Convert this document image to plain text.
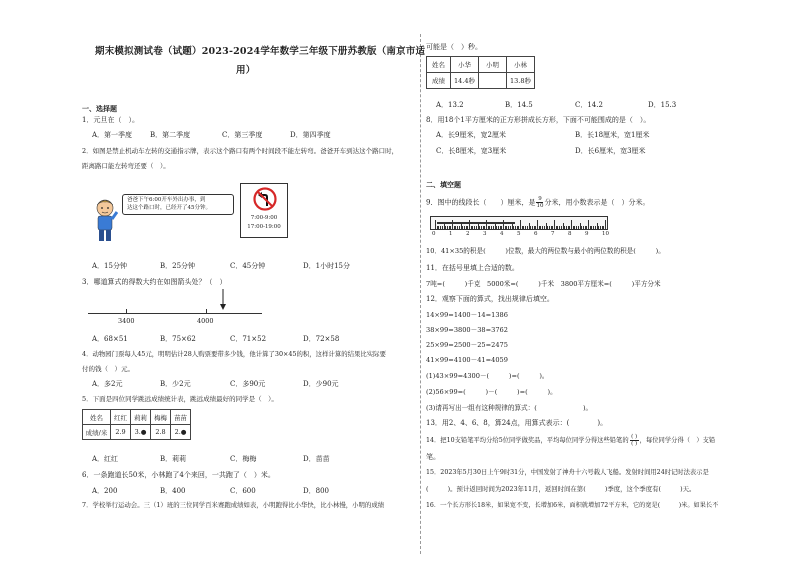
期末模拟测试卷（试题）2023-2024学年数学三年级下册苏教版（南京市适
用）
一、选择题
1．元旦在（　）。
A．第一季度	B．第二季度	C．第三季度	D．第四季度
2．如图是禁止机动车左转的交通指示牌，表示这个路口有两个时间段不能左转弯。爸爸开车到达这个路口时，
距离路口能左转弯还要（　）。
爸爸下午6:00开车外出办事，到
达这个路口时，已经开了45分钟。
7:00-9:00
17:00-19:00
A．15分钟	B．25分钟	C．45分钟	D．1小时15分
3．哪道算式的得数大约在如图箭头处？（　）
3400	4000
A．68×51	B．75×62	C．71×52	D．72×58
4．动物园门票每人45元，明明估计28人购票要带多少钱，他计算了30×45的积，这样计算的结果比实际要
付的钱（　）元。
A．多2元	B．少2元	C．多90元	D．少90元
5．下面是四位同学跳远成绩统计表，跳远成绩最好的同学是（　）。
姓名	红红	莉莉	梅梅	苗苗
成绩/米	2.9	3.●	2.8	2.●
A．红红	B．莉莉	C．梅梅	D．苗苗
6．一条跑道长50米，小林跑了4个来回，一共跑了（　）米。
A．200	B．400	C．600	D．800
7．学校举行运动会。三（1）班的三位同学百米赛跑成绩如表，小明跑得比小华快，比小林慢，小明的成绩
可能是（　）秒。
姓名	小华	小明	小林
成绩	14.4秒		13.8秒
A．13.2	B．14.5	C．14.2	D．15.3
8．用18个1平方厘米的正方形拼成长方形，下面不可能围成的是（　）。
A．长9厘米，宽2厘米	B．长18厘米，宽1厘米
C．长8厘米，宽3厘米	D．长6厘米，宽3厘米
二、填空题
9．图中的线段长（　　）厘米，是 $\frac{9}{10}$ 分米，用小数表示是（　）分米。
0 1 2 3 4 5 6 7 8 9 10
10．41×35的积是(　　　)位数，最大的两位数与最小的两位数的积是(　　　)。
11．在括号里填上合适的数。
7吨=(　　　)千克　5000米=(　　　)千米　3800平方厘米=(　　　)平方分米
12．观察下面的算式，找出规律后填空。
14×99=1400－14=1386
38×99=3800－38=3762
25×99=2500－25=2475
41×99=4100－41=4059
(1)43×99=4300－(　　　)=(　　　)。
(2)56×99=(　　　)－(　　　)=(　　　)。
(3)请再写出一组有这种规律的算式：(　　　　　　　)。
13．用2、4、6、8，算24点，用算式表示：(　　　　)。
14．把10支铅笔平均分给5位同学做奖品，平均每位同学分得这些铅笔的 ( )
( ) ，每位同学分得（　）支铅
笔。
15．2023年5月30日上午9时31分，中国发射了神舟十六号载人飞船。发射时间用24时记时法表示是
(　　　)。预计返回时间为2023年11月，返回时间在第(　　　)季度，这个季度有(　　　)天。
16．一个长方形长18米，如果宽不变，长增加6米，面积就增加72平方米，它的宽是(　　　)米。如果长不
